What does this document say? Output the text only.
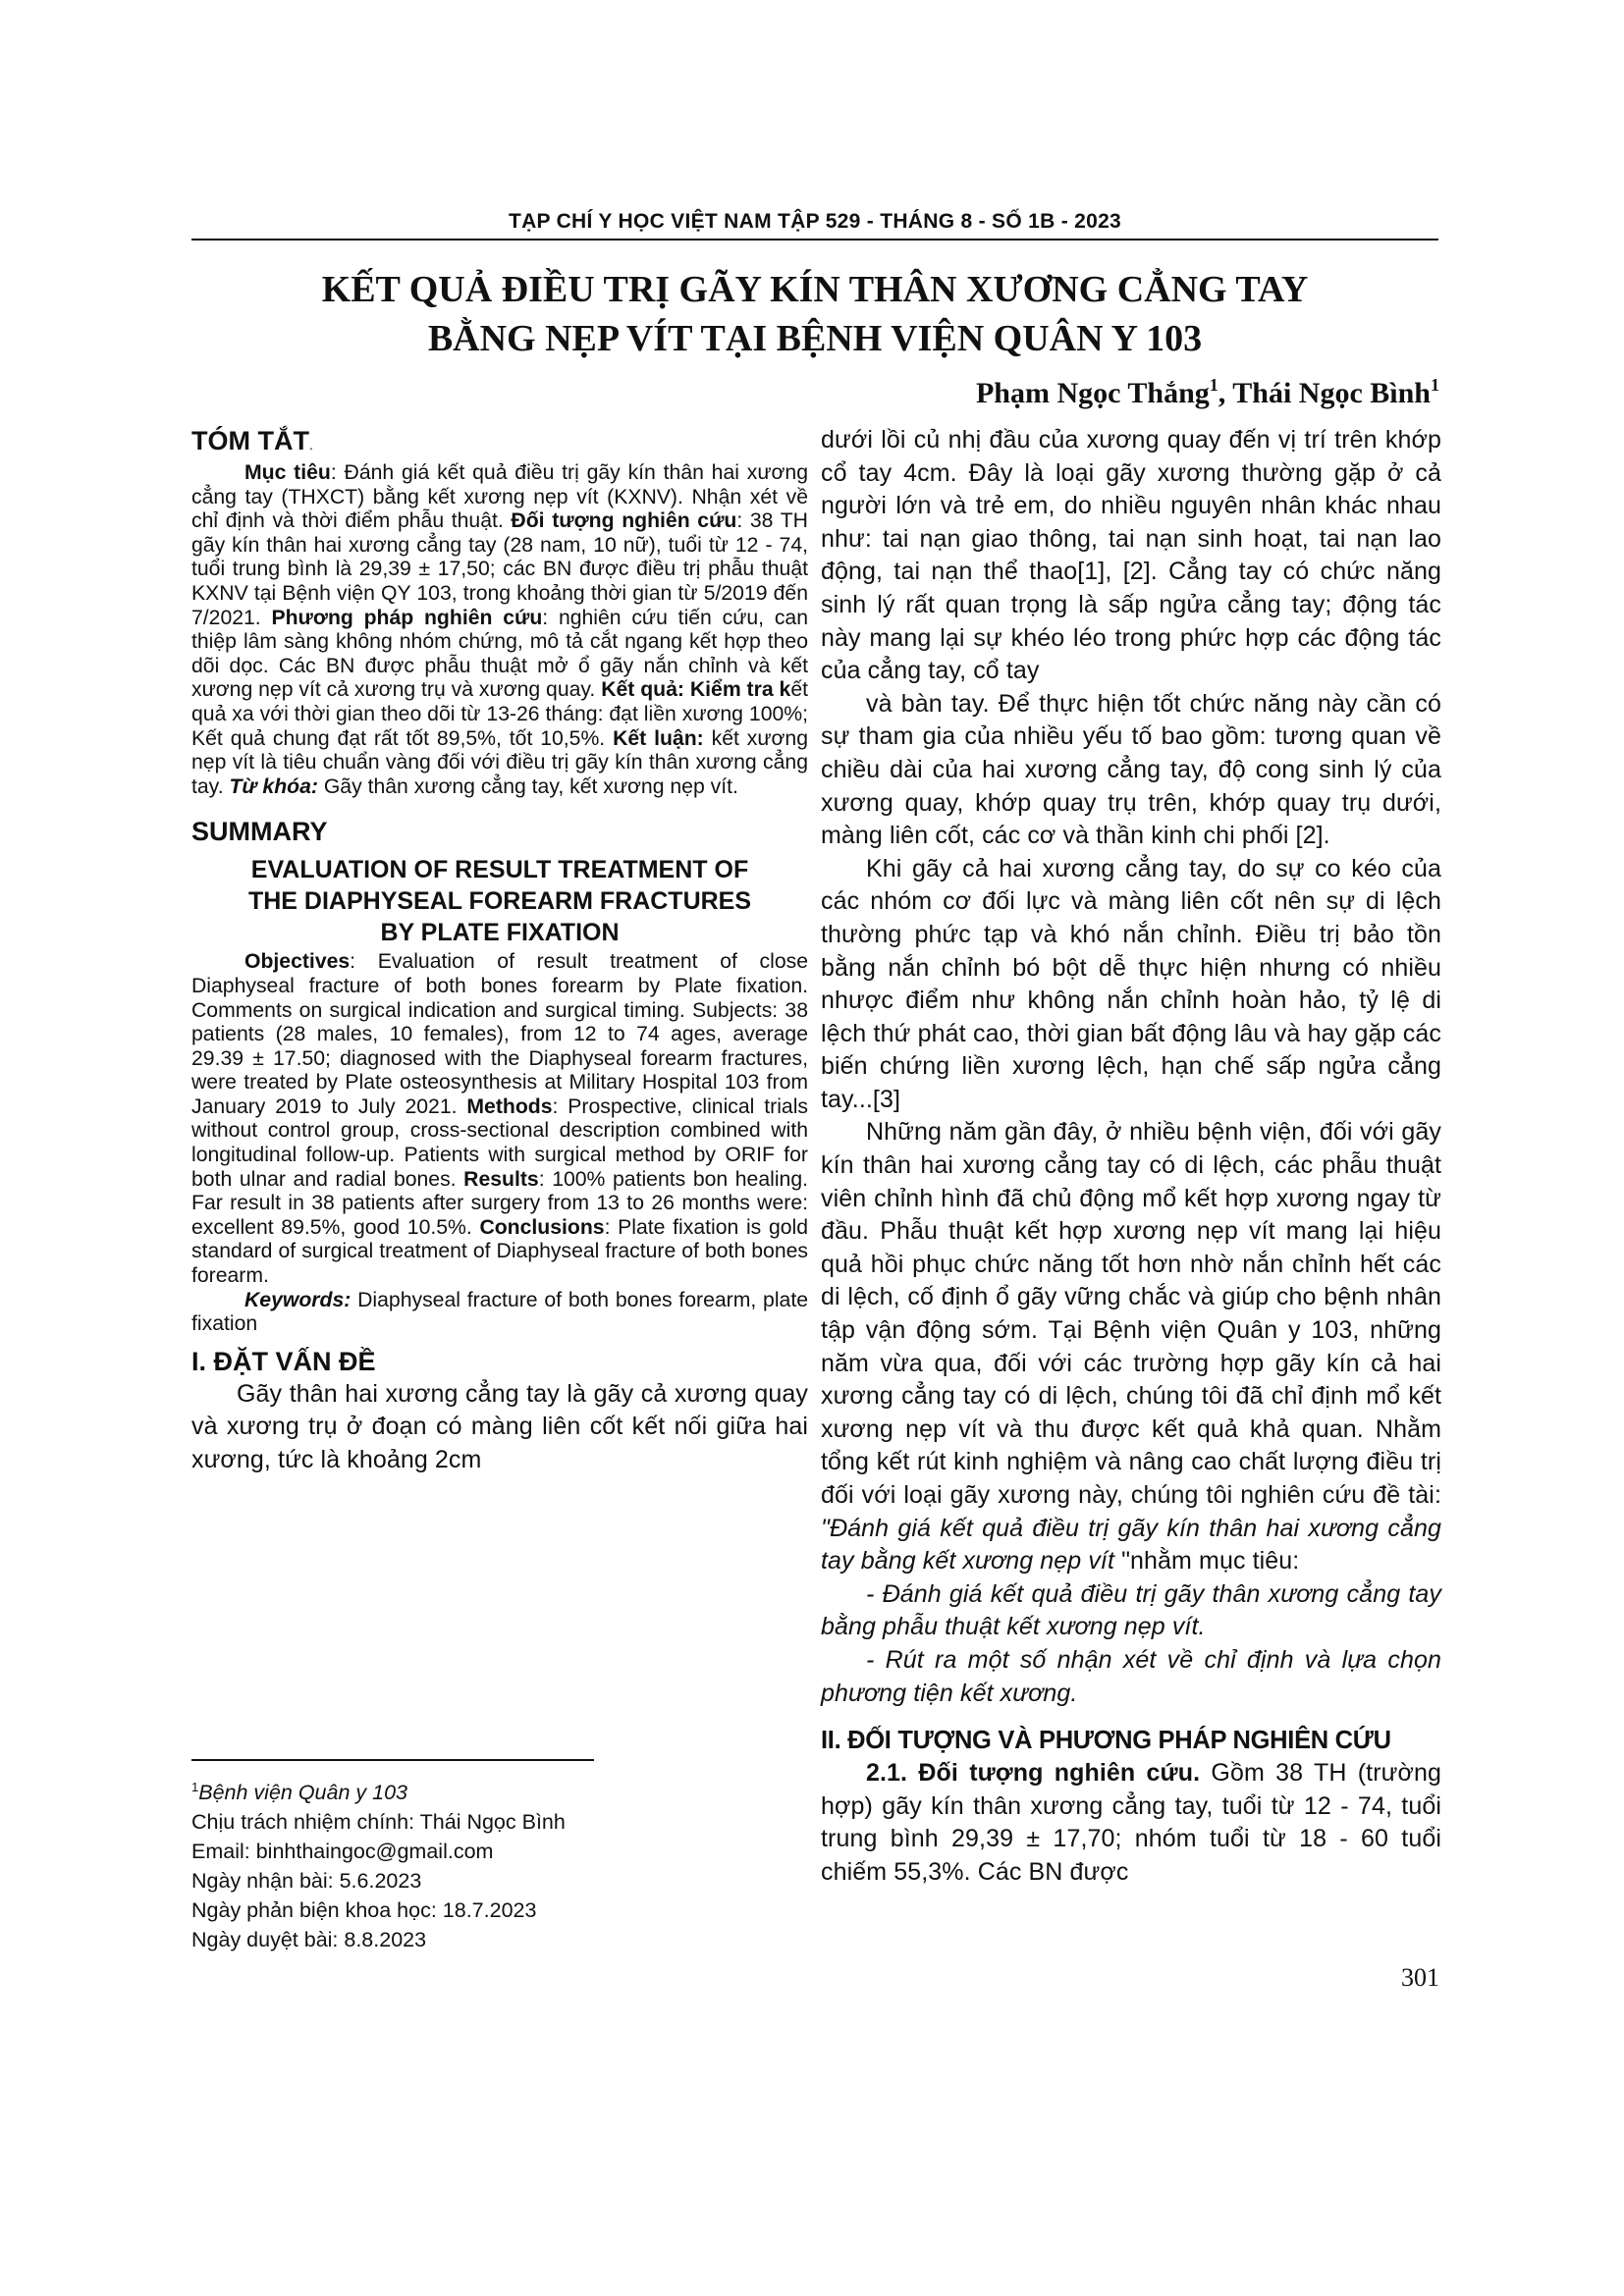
TẠP CHÍ Y HỌC VIỆT NAM TẬP 529 - THÁNG 8 - SỐ 1B - 2023
KẾT QUẢ ĐIỀU TRỊ GÃY KÍN THÂN XƯƠNG CẲNG TAY
BẰNG NẸP VÍT TẠI BỆNH VIỆN QUÂN Y 103
Phạm Ngọc Thắng$^1$, Thái Ngọc Bình$^1$
TÓM TẮT.

Mục tiêu: Đánh giá kết quả điều trị gãy kín thân hai xương cẳng tay (THXCT) bằng kết xương nẹp vít (KXNV). Nhận xét về chỉ định và thời điểm phẫu thuật. Đối tượng nghiên cứu: 38 TH gãy kín thân hai xương cẳng tay (28 nam, 10 nữ), tuổi từ 12 - 74, tuổi trung bình là 29,39 ± 17,50; các BN được điều trị phẫu thuật KXNV tại Bệnh viện QY 103, trong khoảng thời gian từ 5/2019 đến 7/2021. Phương pháp nghiên cứu: nghiên cứu tiến cứu, can thiệp lâm sàng không nhóm chứng, mô tả cắt ngang kết hợp theo dõi dọc. Các BN được phẫu thuật mở ổ gãy nắn chỉnh và kết xương nẹp vít cả xương trụ và xương quay. Kết quả: Kiểm tra kết quả xa với thời gian theo dõi từ 13-26 tháng: đạt liền xương 100%; Kết quả chung đạt rất tốt 89,5%, tốt 10,5%. Kết luận: kết xương nẹp vít là tiêu chuẩn vàng đối với điều trị gãy kín thân xương cẳng tay. Từ khóa: Gãy thân xương cẳng tay, kết xương nẹp vít.

SUMMARY
EVALUATION OF RESULT TREATMENT OF
THE DIAPHYSEAL FOREARM FRACTURES
BY PLATE FIXATION

Objectives: Evaluation of result treatment of close Diaphyseal fracture of both bones forearm by Plate fixation. Comments on surgical indication and surgical timing. Subjects: 38 patients (28 males, 10 females), from 12 to 74 ages, average 29.39 ± 17.50; diagnosed with the Diaphyseal forearm fractures, were treated by Plate osteosynthesis at Military Hospital 103 from January 2019 to July 2021. Methods: Prospective, clinical trials without control group, cross-sectional description combined with longitudinal follow-up. Patients with surgical method by ORIF for both ulnar and radial bones. Results: 100% patients bon healing. Far result in 38 patients after surgery from 13 to 26 months were: excellent 89.5%, good 10.5%. Conclusions: Plate fixation is gold standard of surgical treatment of Diaphyseal fracture of both bones forearm.

Keywords: Diaphyseal fracture of both bones forearm, plate fixation

I. ĐẶT VẤN ĐỀ

Gãy thân hai xương cẳng tay là gãy cả xương quay và xương trụ ở đoạn có màng liên cốt kết nối giữa hai xương, tức là khoảng 2cm

$^1$Bệnh viện Quân y 103
Chịu trách nhiệm chính: Thái Ngọc Bình
Email: binhthaingoc@gmail.com
Ngày nhận bài: 5.6.2023
Ngày phản biện khoa học: 18.7.2023
Ngày duyệt bài: 8.8.2023

dưới lồi củ nhị đầu của xương quay đến vị trí trên khớp cổ tay 4cm. Đây là loại gãy xương thường gặp ở cả người lớn và trẻ em, do nhiều nguyên nhân khác nhau như: tai nạn giao thông, tai nạn sinh hoạt, tai nạn lao động, tai nạn thể thao[1], [2]. Cẳng tay có chức năng sinh lý rất quan trọng là sấp ngửa cẳng tay; động tác này mang lại sự khéo léo trong phức hợp các động tác của cẳng tay, cổ tay

và bàn tay. Để thực hiện tốt chức năng này cần có sự tham gia của nhiều yếu tố bao gồm: tương quan về chiều dài của hai xương cẳng tay, độ cong sinh lý của xương quay, khớp quay trụ trên, khớp quay trụ dưới, màng liên cốt, các cơ và thần kinh chi phối [2].

Khi gãy cả hai xương cẳng tay, do sự co kéo của các nhóm cơ đối lực và màng liên cốt nên sự di lệch thường phức tạp và khó nắn chỉnh. Điều trị bảo tồn bằng nắn chỉnh bó bột dễ thực hiện nhưng có nhiều nhược điểm như không nắn chỉnh hoàn hảo, tỷ lệ di lệch thứ phát cao, thời gian bất động lâu và hay gặp các biến chứng liền xương lệch, hạn chế sấp ngửa cẳng tay...[3]

Những năm gần đây, ở nhiều bệnh viện, đối với gãy kín thân hai xương cẳng tay có di lệch, các phẫu thuật viên chỉnh hình đã chủ động mổ kết hợp xương ngay từ đầu. Phẫu thuật kết hợp xương nẹp vít mang lại hiệu quả hồi phục chức năng tốt hơn nhờ nắn chỉnh hết các di lệch, cố định ổ gãy vững chắc và giúp cho bệnh nhân tập vận động sớm. Tại Bệnh viện Quân y 103, những năm vừa qua, đối với các trường hợp gãy kín cả hai xương cẳng tay có di lệch, chúng tôi đã chỉ định mổ kết xương nẹp vít và thu được kết quả khả quan. Nhằm tổng kết rút kinh nghiệm và nâng cao chất lượng điều trị đối với loại gãy xương này, chúng tôi nghiên cứu đề tài: "Đánh giá kết quả điều trị gãy kín thân hai xương cẳng tay bằng kết xương nẹp vít "nhằm mục tiêu:

- Đánh giá kết quả điều trị gãy thân xương cẳng tay bằng phẫu thuật kết xương nẹp vít.

- Rút ra một số nhận xét về chỉ định và lựa chọn phương tiện kết xương.

II. ĐỐI TƯỢNG VÀ PHƯƠNG PHÁP NGHIÊN CỨU

2.1. Đối tượng nghiên cứu. Gồm 38 TH (trường hợp) gãy kín thân xương cẳng tay, tuổi từ 12 - 74, tuổi trung bình 29,39 ± 17,70; nhóm tuổi từ 18 - 60 tuổi chiếm 55,3%. Các BN được

301
